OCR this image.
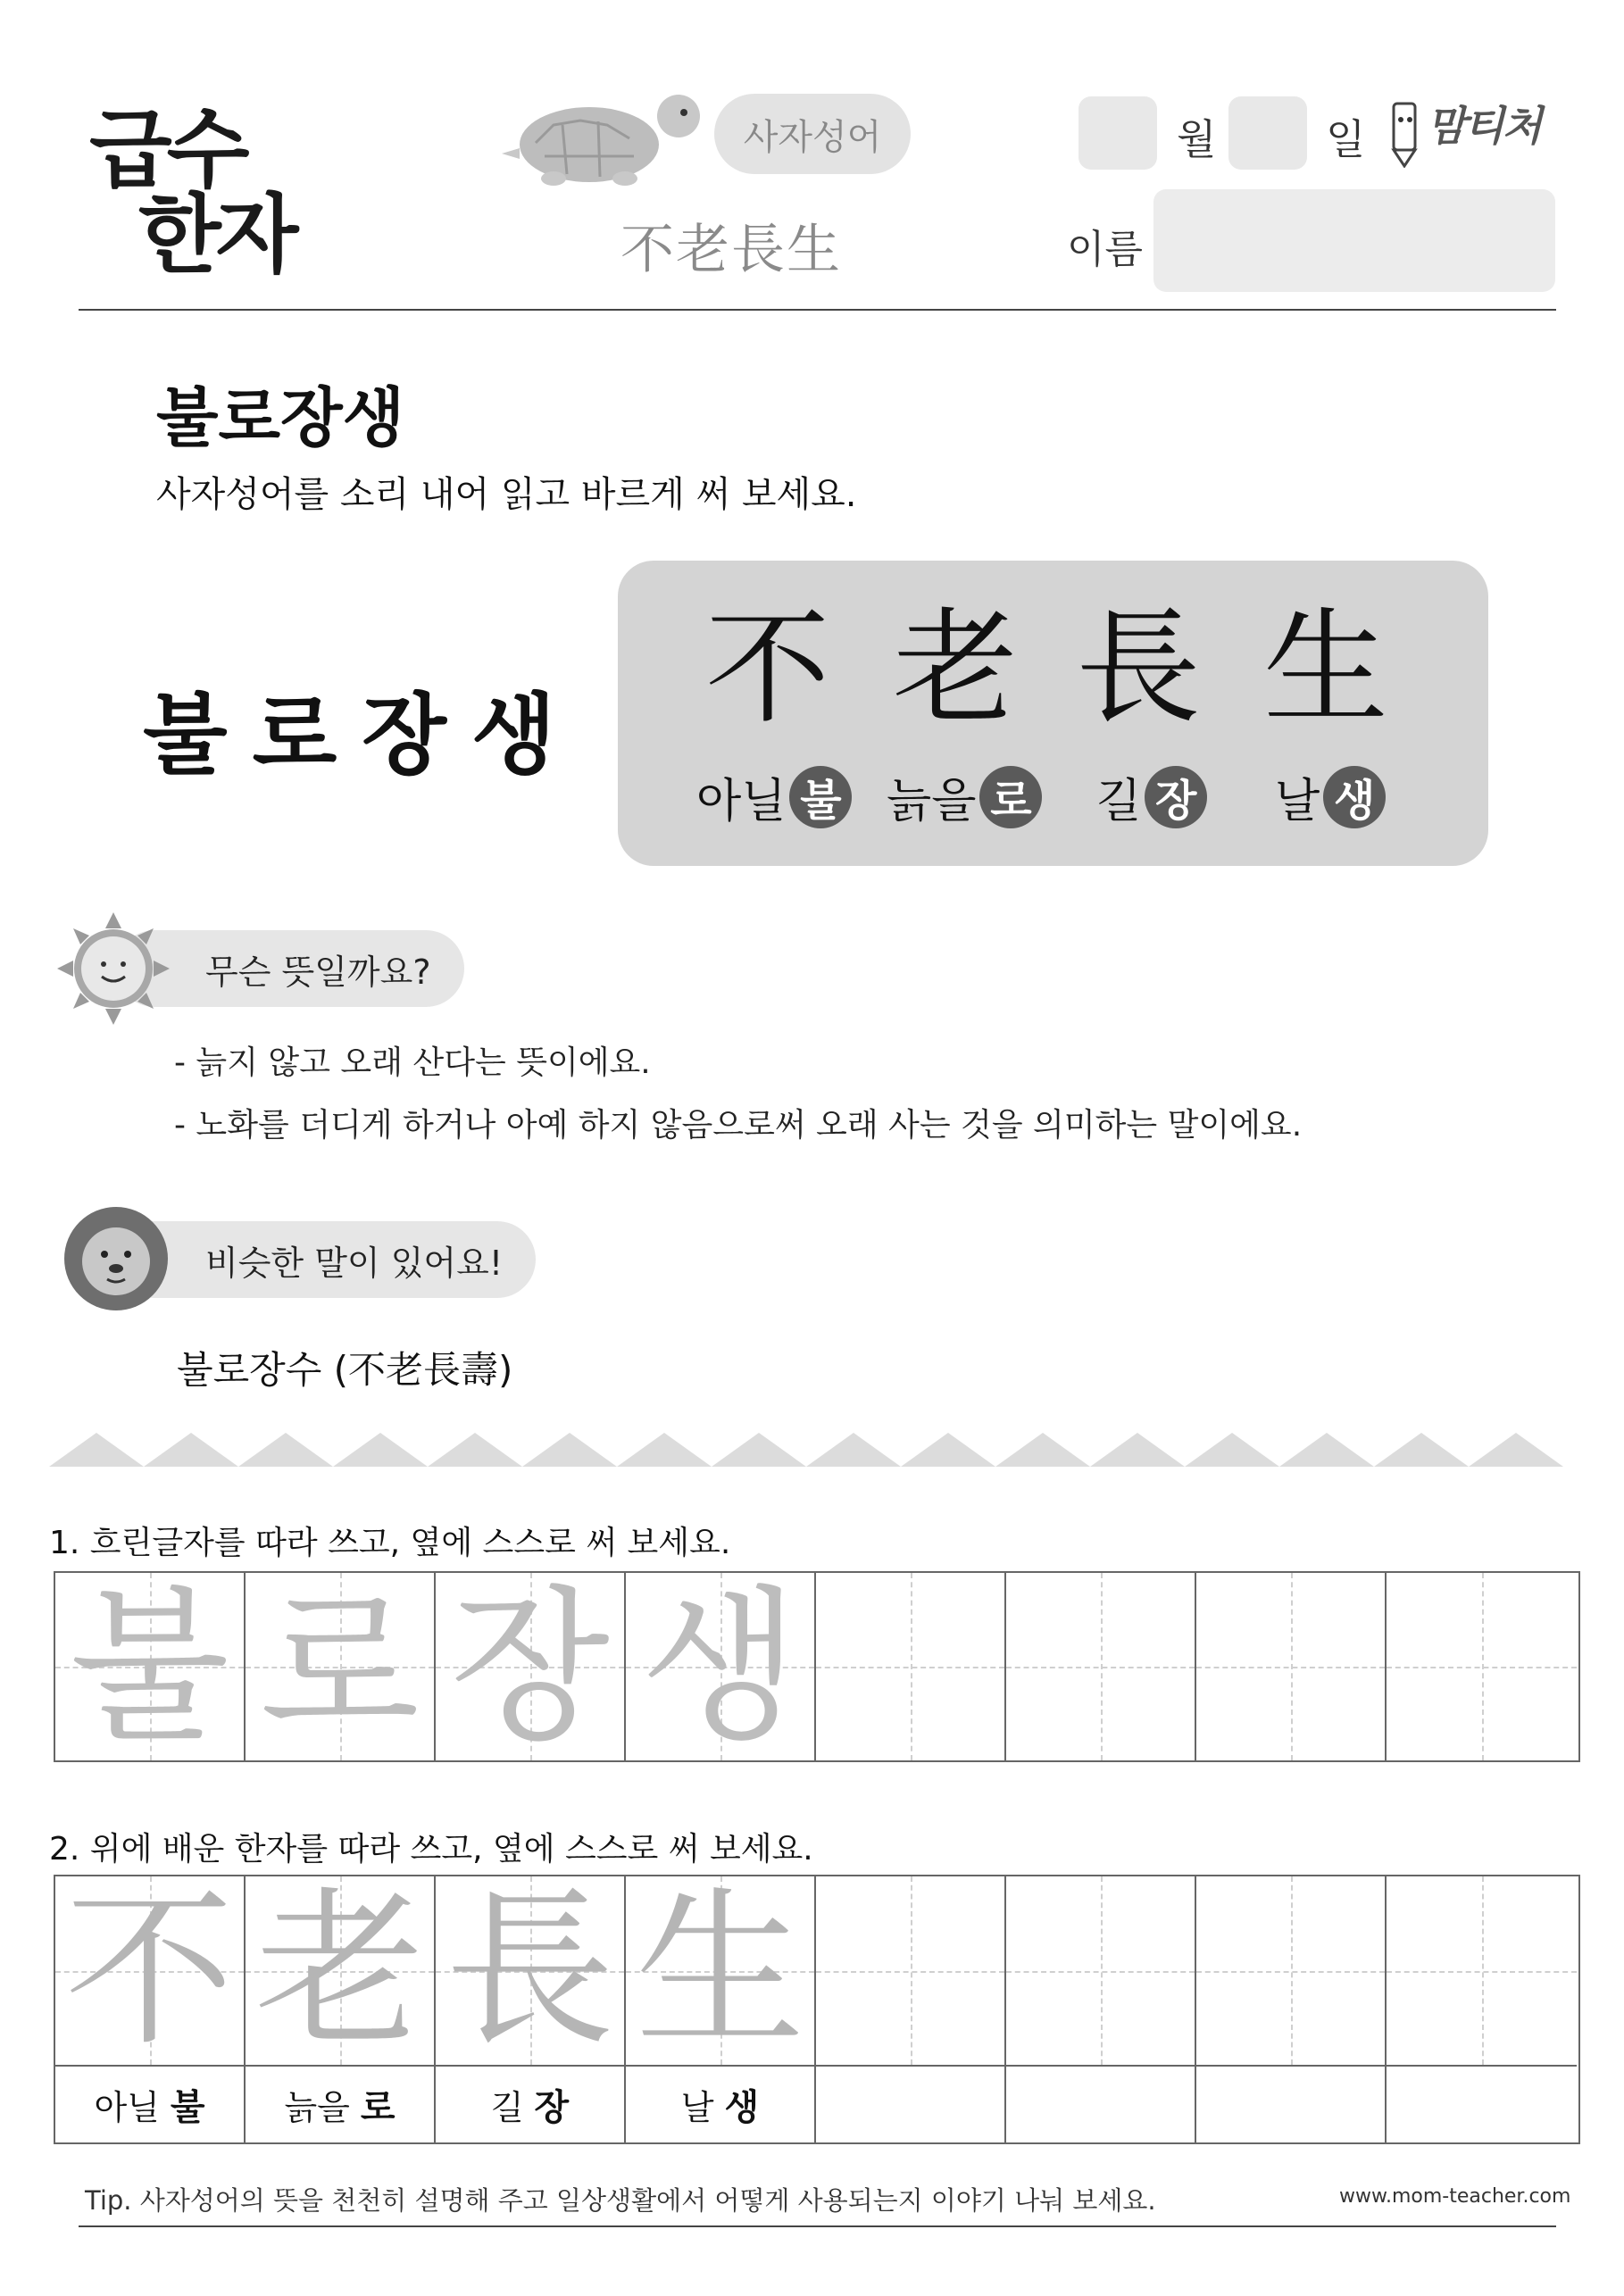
급수
한자
사자성어
不老長生
월	일 맘티처
이름
불로장생
사자성어를 소리 내어 읽고 바르게 써 보세요.
불로장생 不 老 長 生
아닐 불 늙을 로 길 장 날 생
무슨 뜻일까요?
- 늙지 않고 오래 산다는 뜻이에요.
- 노화를 더디게 하거나 아예 하지 않음으로써 오래 사는 것을 의미하는 말이에요.
비슷한 말이 있어요!
불로장수 (不老長壽)
1. 흐린글자를 따라 쓰고, 옆에 스스로 써 보세요.
불 로 장 생
2. 위에 배운 한자를 따라 쓰고, 옆에 스스로 써 보세요.
不 老 長 生
아닐 불 늙을 로	길 장	날 생
Tip. 사자성어의 뜻을 천천히 설명해 주고 일상생활에서 어떻게 사용되는지 이야기 나눠 보세요.	www.mom-teacher.com
